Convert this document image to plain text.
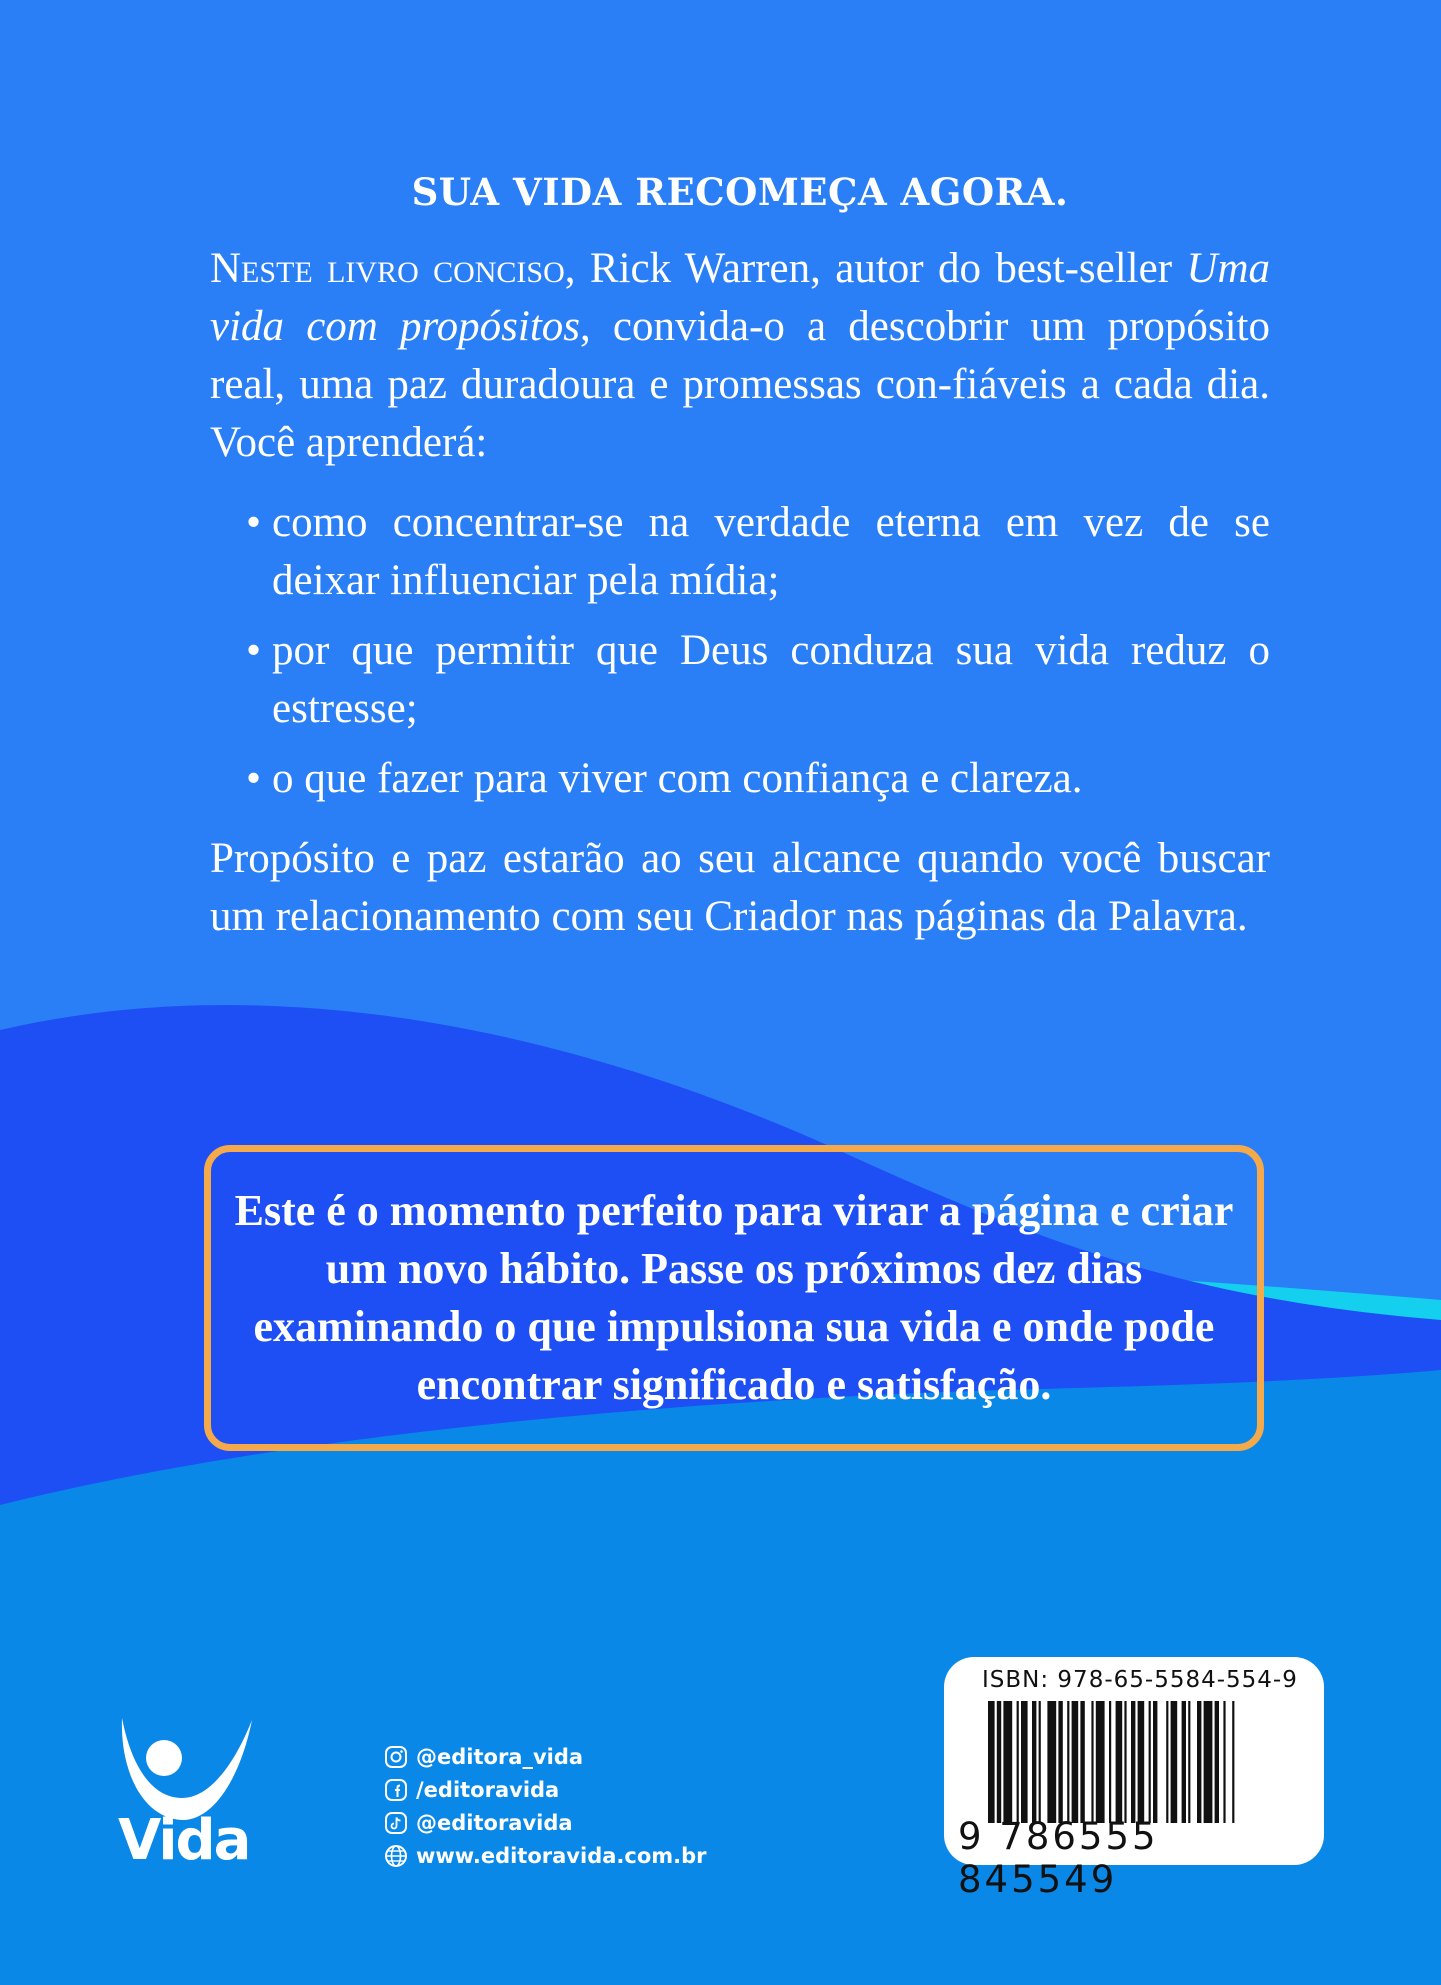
SUA VIDA RECOMEÇA AGORA.

Neste livro conciso, Rick Warren, autor do best-seller Uma vida com propósitos, convida-o a descobrir um propósito real, uma paz duradoura e promessas con-fiáveis a cada dia. Você aprenderá:

• como concentrar-se na verdade eterna em vez de se deixar influenciar pela mídia;
• por que permitir que Deus conduza sua vida reduz o estresse;
• o que fazer para viver com confiança e clareza.

Propósito e paz estarão ao seu alcance quando você buscar um relacionamento com seu Criador nas páginas da Palavra.

Este é o momento perfeito para virar a página e criar um novo hábito. Passe os próximos dez dias examinando o que impulsiona sua vida e onde pode encontrar significado e satisfação.

Vida
@editora_vida
/editoravida
@editoravida
www.editoravida.com.br
ISBN: 978-65-5584-554-9
9 786555 845549
